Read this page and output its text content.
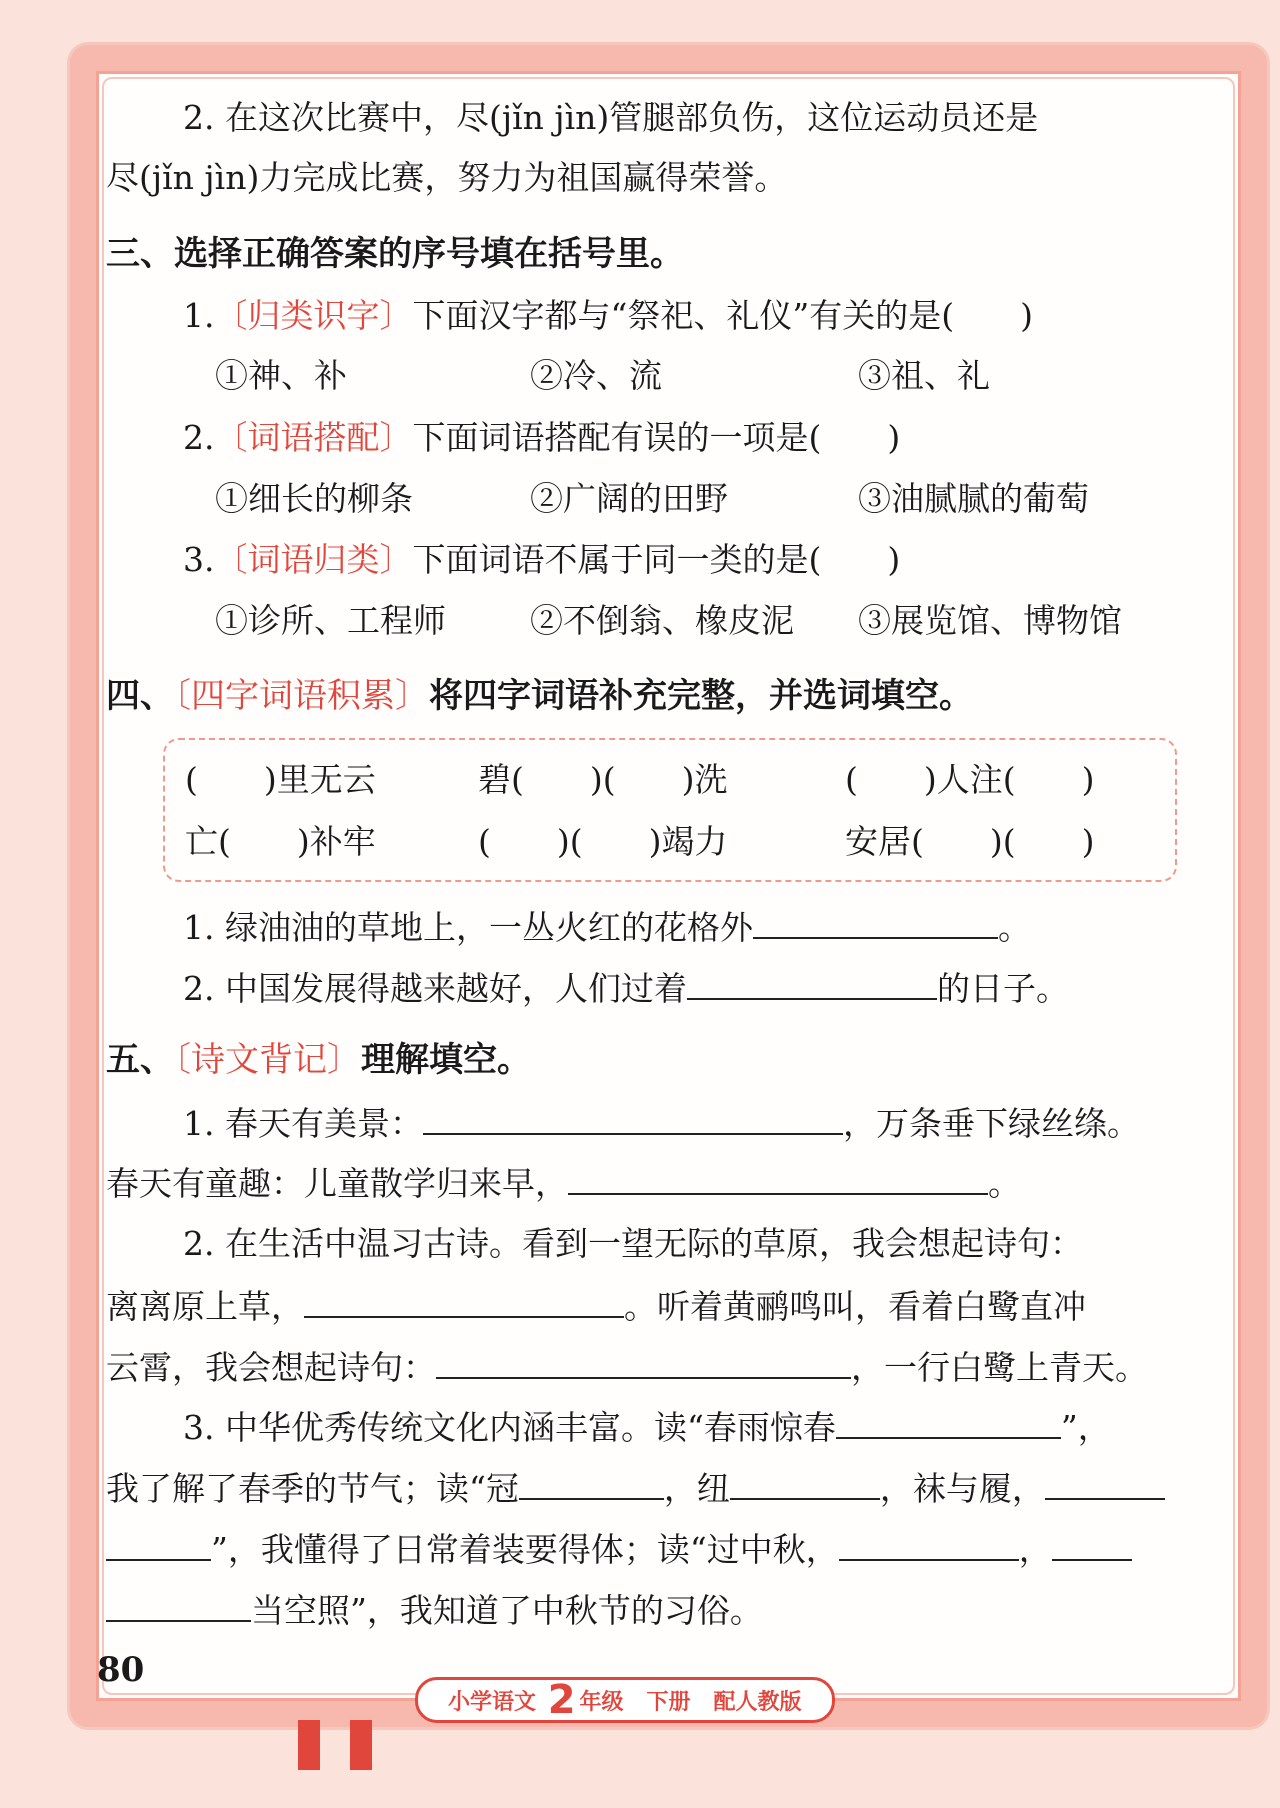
2. 在这次比赛中，尽(jǐn jìn)管腿部负伤，这位运动员还是
尽(jǐn jìn)力完成比赛，努力为祖国赢得荣誉。
三、选择正确答案的序号填在括号里。
1.〔归类识字〕下面汉字都与“祭祀、礼仪”有关的是(　　)
①神、补	②冷、流	③祖、礼
2.〔词语搭配〕下面词语搭配有误的一项是(　　)
①细长的柳条	②广阔的田野	③油腻腻的葡萄
3.〔词语归类〕下面词语不属于同一类的是(　　)
①诊所、工程师	②不倒翁、橡皮泥 ③展览馆、博物馆
四、〔四字词语积累〕将四字词语补充完整，并选词填空。
(　　)里无云	碧(　　)(　　)洗	(　　)人注(　　)
亡(　　)补牢	(　　)(　　)竭力	安居(　　)(　　)
1. 绿油油的草地上，一丛火红的花格外	。
2. 中国发展得越来越好，人们过着	的日子。
五、〔诗文背记〕理解填空。
1. 春天有美景：	，万条垂下绿丝绦。
春天有童趣：儿童散学归来早，	。
2. 在生活中温习古诗。看到一望无际的草原，我会想起诗句：
离离原上草，	。听着黄鹂鸣叫，看着白鹭直冲
云霄，我会想起诗句：	，一行白鹭上青天。
3. 中华优秀传统文化内涵丰富。读“春雨惊春	”，
我了解了春季的节气；读“冠	，纽	，袜与履，
”，我懂得了日常着装要得体；读“过中秋，	，
当空照”，我知道了中秋节的习俗。
80
小学语文 2 年级 下册 配人教版
